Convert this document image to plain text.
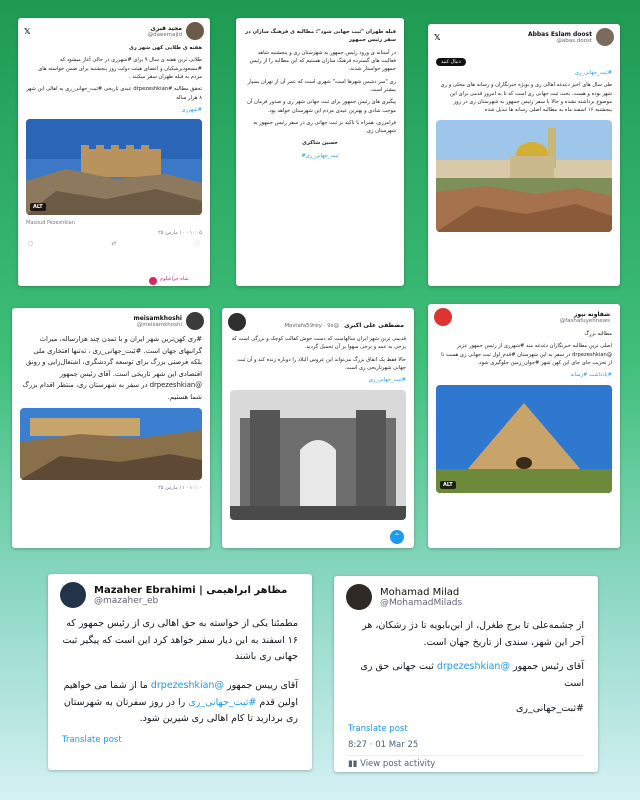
𝕏	مجید قبری
@daeemajid
هفته ی طلایی کهن شهر ری
طلایی ترین هفته ی سال ۹ برای #شهرری در حالی آغاز میشود که #مسعودپزشکیان و اعضای هیئت دولت روز پنجشنبه برای ضمن خواسته های مردم به قبله طهران سفر میکنند .
تحقق مطالبه #drpezeshkian عیدی تاریخی #ثبت_جهانی_ری به اهالی این شهر ۸ هزار ساله
#شهرری
ALT
Masoud Pezeshkian
۱۰:۰۵ · ۱۰ مارس ۲۵
○	⇄	♡
شاه چراغیلوم
قبله طهران "ثبت جهانی شود"؛ مطالبه ی فرهنگ سازان در سفر رئیس جمهور
در آستانه ی ورود رئیس جمهور به شهرستان ری و پنجشنبه شاهد فعالیت های گسترده فرهنگ سازان هستیم که این مطالبه را از رئیس جمهور خواستار شدند.
ری "سر دشمن شهرها است" شهری است که عمر آن از تهران بسیار بیشتر است.
پیگیری های رئیس جمهور برای ثبت جهانی شهر ری و صدور فرمان آن موجب شادی و بهترین عیدی مردم این شهرستان خواهد بود.
فرامرزی، همراه با تاکید بر ثبت جهانی ری در سفر رئیس جمهور به شهرستان ری.
حسین شاکری
#ثبت_جهانی_ری
𝕏	Abbas Eslam doost
@abas.doost
دنبال کنید
#ثبت_جهانی_ری
طی سال های اخیر دغدغه اهالی ری و بویژه خبرنگاران و رسانه های محلی و ری شهر بوده و هست. بحث ثبت جهانی ری است که تا به امروز قدمی برای این موضوع برداشته نشده و حالا با سفر رئیس جمهور به شهرستان ری در روز پنجشنبه ۱۶ اسفند ماه به مطالبه اصلی رسانه ها تبدیل شده
meisamkhoshi
@meisamkhoshi
#ری کهن‌ترین شهر ایران و با تمدن چند هزارساله، میراث گرانبهای جهان است. #ثبت_جهانی_ری ، نه‌تنها افتخاری ملی بلکه فرصتی بزرگ برای توسعه گردشگری، اشتغال‌زایی و رونق اقتصادی این شهر تاریخی است. آقای رئیس جمهور @drpezeshkian در سفر به شهرستان ری، منتظر اقدام بزرگ شما هستیم.
۱۰:۰۰ · ۱۱ مارس ۲۵
مصطفی علی اکبری @Mostafa59rey · 9s
قدیمی ترین شهر ایران سالهاست که دست خوش کفالت کوچک و بزرگی است که برخی به عمد و برخی سهوا بر آن تحمیل گردید.
حالا فقط یک اتفاق بزرگ می‌تواند این عروس البلاد را دوباره زنده کند و آن ثبت جهانی شهرتاریخی ری است.
#ثبت_جهانی_ری
⌃
شفاونه نیوز
@fashafuyehnews
مطالبه بزرگ
اصلی ترین مطالبه خبرنگاران دغدغه مند #شهرری از رئیس جمهور عزیز @drpezeshkian در سفر به این شهرستان #قدم_اول ثبت جهانی ری هست تا از تخریب جای جای این کهن شهر #جوان_زمین جلوگیری شود.
#یادداشت #رسانه
ALT
Mazaher Ebrahimi | مظاهر ابراهیمی
@mazaher_eb
مطمئنا یکی از خواسته به حق اهالی ری از رئیس جمهور که ۱۶ اسفند به این دیار سفر خواهد کرد این است که پیگیر ثبت جهانی ری باشند
آقای رییس جمهور @drpezeshkian ما از شما می خواهیم اولین قدم #ثبت_جهانی_ری را در روز سفرتان به شهرستان ری بردارید تا کام اهالی ری شیرین شود.
Translate post
Mohamad Milad
@MohamadMilads
از چشمه‌علی تا برج طغرل، از ابن‌بابویه تا دژ رشکان، هر آجر این شهر، سندی از تاریخ جهان است.
آقای رئیس جمهور @drpezeshkian ثبت جهانی حق ری است
#ثبت_جهانی_ری
Translate post
8:27 · 01 Mar 25
▮▮ View post activity
